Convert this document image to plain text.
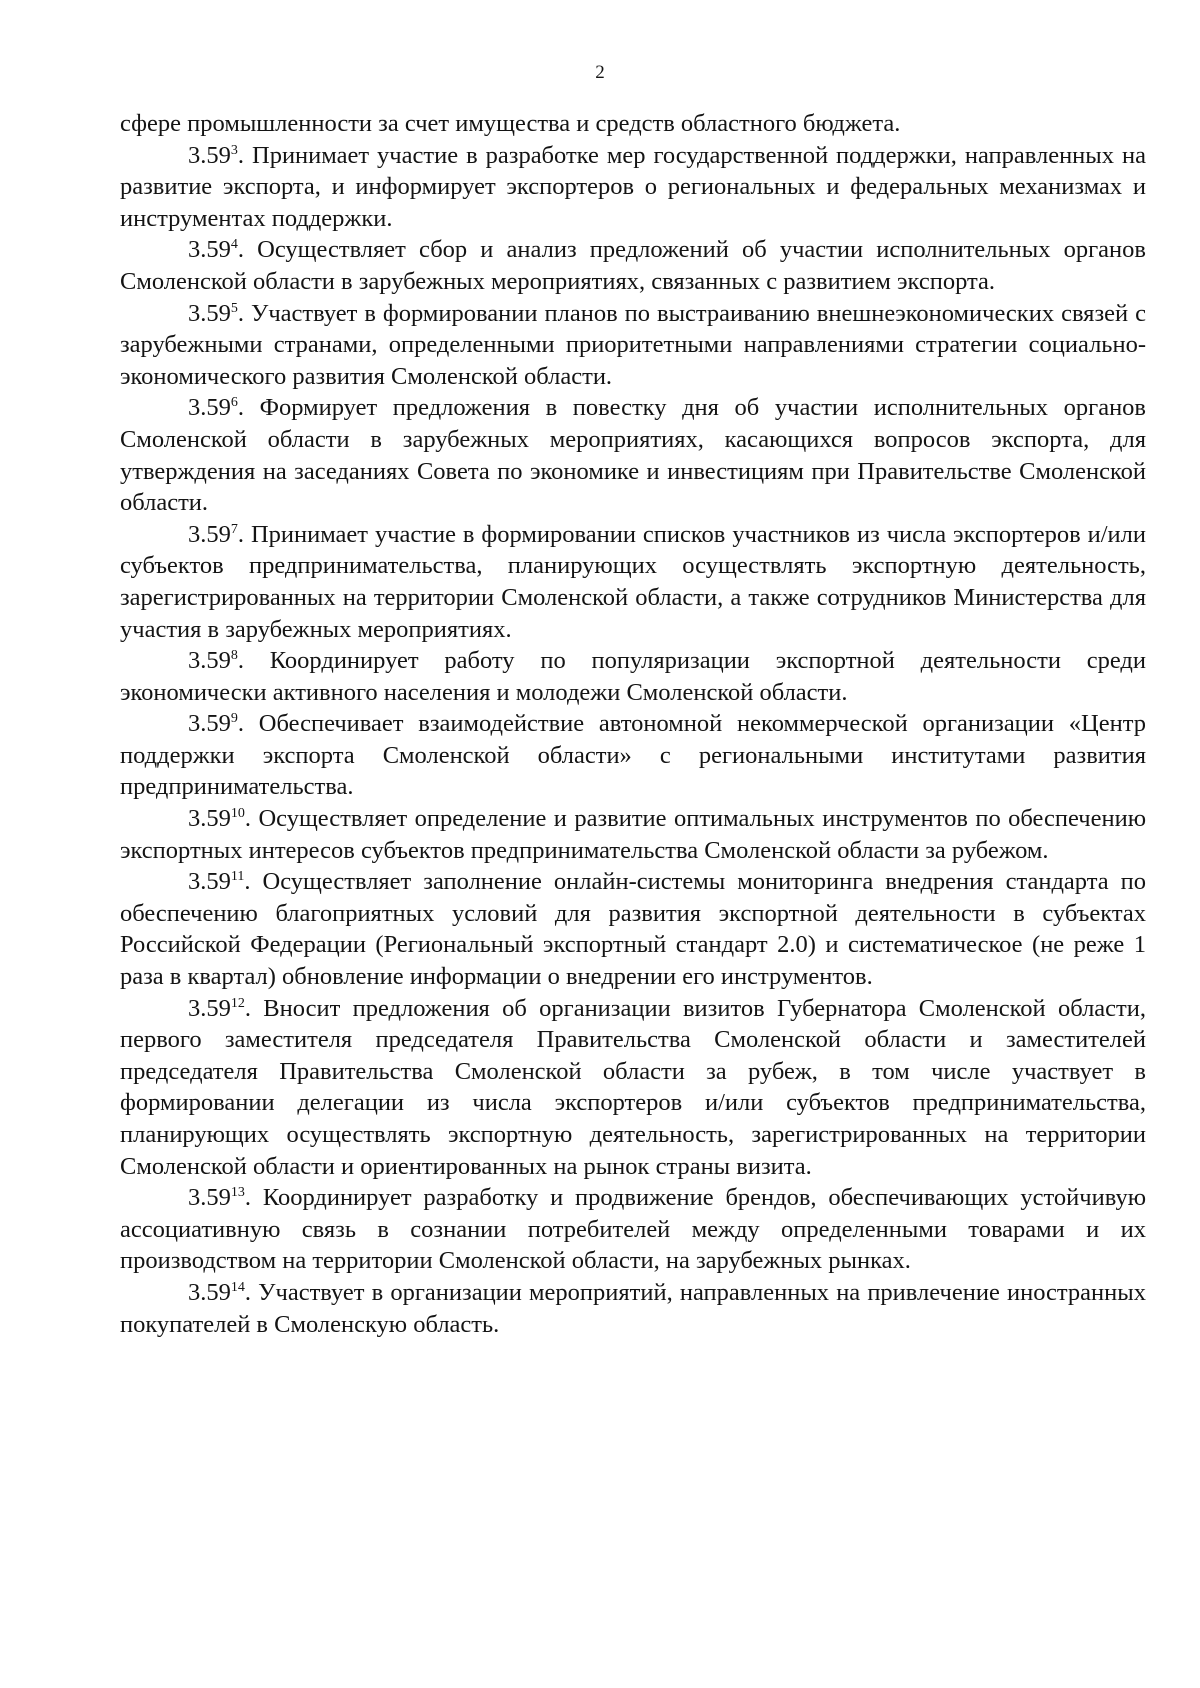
2

сфере промышленности за счет имущества и средств областного бюджета.

3.59$^3$. Принимает участие в разработке мер государственной поддержки, направленных на развитие экспорта, и информирует экспортеров о региональных и федеральных механизмах и инструментах поддержки.

3.59$^4$. Осуществляет сбор и анализ предложений об участии исполнительных органов Смоленской области в зарубежных мероприятиях, связанных с развитием экспорта.

3.59$^5$. Участвует в формировании планов по выстраиванию внешнеэкономических связей с зарубежными странами, определенными приоритетными направлениями стратегии социально-экономического развития Смоленской области.

3.59$^6$. Формирует предложения в повестку дня об участии исполнительных органов Смоленской области в зарубежных мероприятиях, касающихся вопросов экспорта, для утверждения на заседаниях Совета по экономике и инвестициям при Правительстве Смоленской области.

3.59$^7$. Принимает участие в формировании списков участников из числа экспортеров и/или субъектов предпринимательства, планирующих осуществлять экспортную деятельность, зарегистрированных на территории Смоленской области, а также сотрудников Министерства для участия в зарубежных мероприятиях.

3.59$^8$. Координирует работу по популяризации экспортной деятельности среди экономически активного населения и молодежи Смоленской области.

3.59$^9$. Обеспечивает взаимодействие автономной некоммерческой организации «Центр поддержки экспорта Смоленской области» с региональными институтами развития предпринимательства.

3.59$^{10}$. Осуществляет определение и развитие оптимальных инструментов по обеспечению экспортных интересов субъектов предпринимательства Смоленской области за рубежом.

3.59$^{11}$. Осуществляет заполнение онлайн-системы мониторинга внедрения стандарта по обеспечению благоприятных условий для развития экспортной деятельности в субъектах Российской Федерации (Региональный экспортный стандарт 2.0) и систематическое (не реже 1 раза в квартал) обновление информации о внедрении его инструментов.

3.59$^{12}$. Вносит предложения об организации визитов Губернатора Смоленской области, первого заместителя председателя Правительства Смоленской области и заместителей председателя Правительства Смоленской области за рубеж, в том числе участвует в формировании делегации из числа экспортеров и/или субъектов предпринимательства, планирующих осуществлять экспортную деятельность, зарегистрированных на территории Смоленской области и ориентированных на рынок страны визита.

3.59$^{13}$. Координирует разработку и продвижение брендов, обеспечивающих устойчивую ассоциативную связь в сознании потребителей между определенными товарами и их производством на территории Смоленской области, на зарубежных рынках.

3.59$^{14}$. Участвует в организации мероприятий, направленных на привлечение иностранных покупателей в Смоленскую область.
